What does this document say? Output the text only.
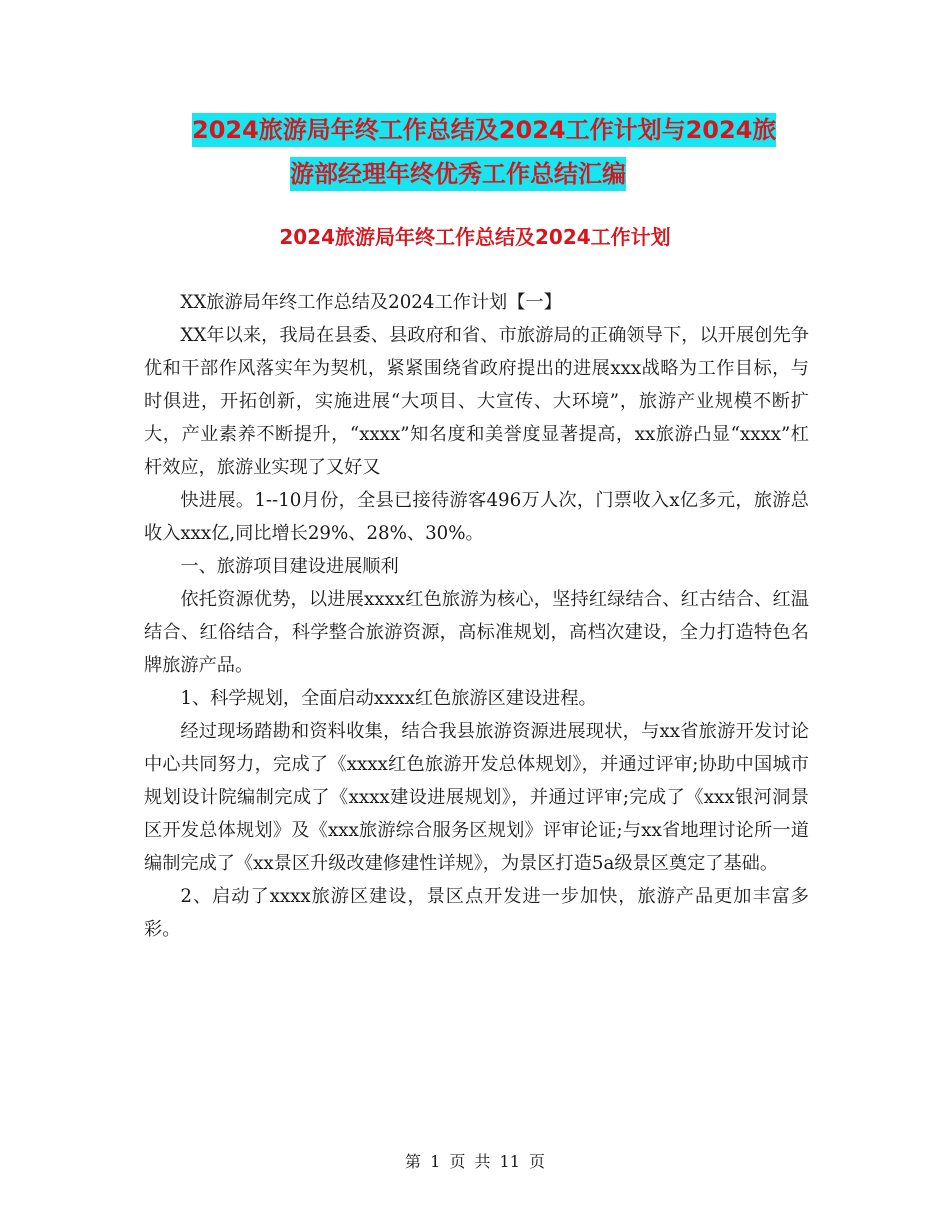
2024旅游局年终工作总结及2024工作计划与2024旅
游部经理年终优秀工作总结汇编
2024旅游局年终工作总结及2024工作计划

XX旅游局年终工作总结及2024工作计划【一】

XX年以来，我局在县委、县政府和省、市旅游局的正确领导下，以开展创先争优和干部作风落实年为契机，紧紧围绕省政府提出的进展xxx战略为工作目标，与时俱进，开拓创新，实施进展“大项目、大宣传、大环境”，旅游产业规模不断扩大，产业素养不断提升，“xxxx”知名度和美誉度显著提高，xx旅游凸显“xxxx”杠杆效应，旅游业实现了又好又

快进展。1--10月份，全县已接待游客496万人次，门票收入x亿多元，旅游总收入xxx亿,同比增长29%、28%、30%。

一、旅游项目建设进展顺利

依托资源优势，以进展xxxx红色旅游为核心，坚持红绿结合、红古结合、红温结合、红俗结合，科学整合旅游资源，高标准规划，高档次建设，全力打造特色名牌旅游产品。

1、科学规划，全面启动xxxx红色旅游区建设进程。

经过现场踏勘和资料收集，结合我县旅游资源进展现状，与xx省旅游开发讨论中心共同努力，完成了《xxxx红色旅游开发总体规划》，并通过评审;协助中国城市规划设计院编制完成了《xxxx建设进展规划》，并通过评审;完成了《xxx银河洞景区开发总体规划》及《xxx旅游综合服务区规划》评审论证;与xx省地理讨论所一道编制完成了《xx景区升级改建修建性详规》，为景区打造5a级景区奠定了基础。

2、启动了xxxx旅游区建设，景区点开发进一步加快，旅游产品更加丰富多彩。

第 1 页 共 11 页
